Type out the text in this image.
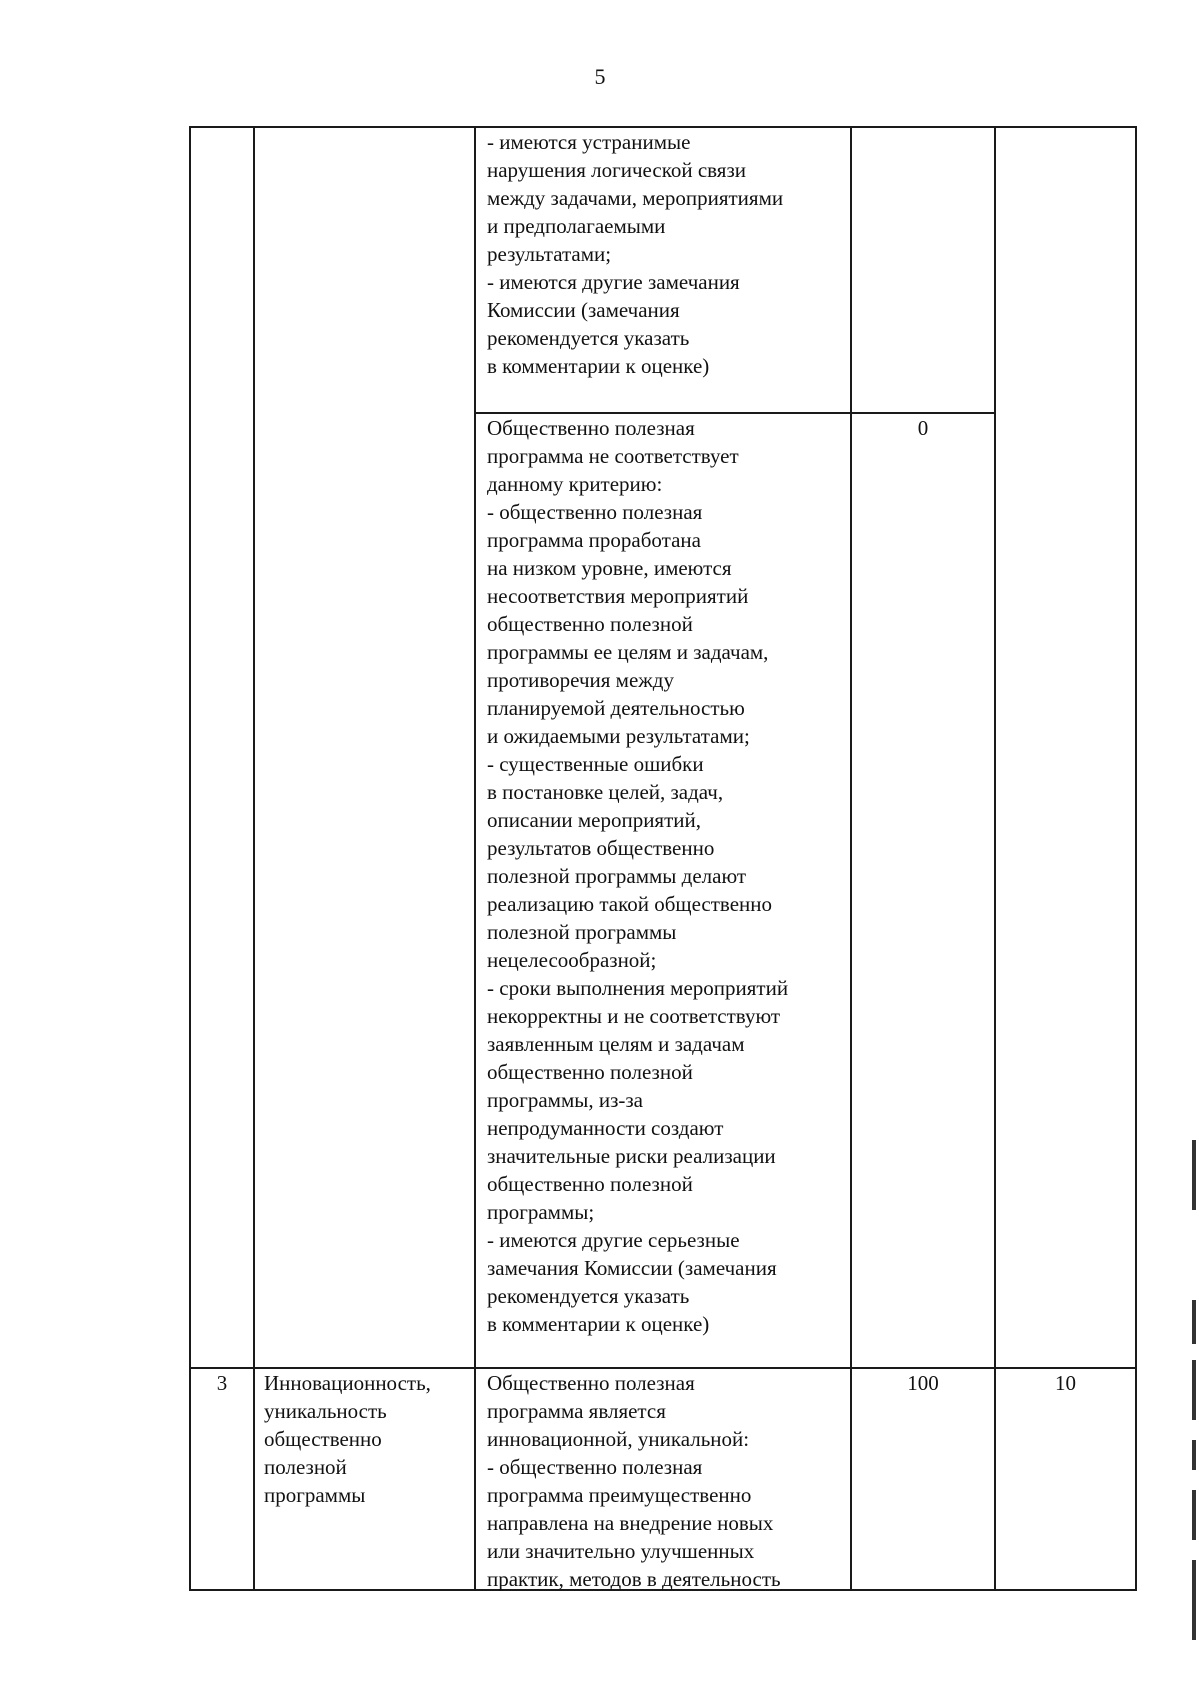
5
- имеются устранимые
нарушения логической связи
между задачами, мероприятиями
и предполагаемыми
результатами;
- имеются другие замечания
Комиссии (замечания
рекомендуется указать
в комментарии к оценке)
Общественно полезная
программа не соответствует
данному критерию:
- общественно полезная
программа проработана
на низком уровне, имеются
несоответствия мероприятий
общественно полезной
программы ее целям и задачам,
противоречия между
планируемой деятельностью
и ожидаемыми результатами;
- существенные ошибки
в постановке целей, задач,
описании мероприятий,
результатов общественно
полезной программы делают
реализацию такой общественно
полезной программы
нецелесообразной;
- сроки выполнения мероприятий
некорректны и не соответствуют
заявленным целям и задачам
общественно полезной
программы, из-за
непродуманности создают
значительные риски реализации
общественно полезной
программы;
- имеются другие серьезные
замечания Комиссии (замечания
рекомендуется указать
в комментарии к оценке)
0
3	Инновационность,
уникальность
общественно
полезной
программы
Общественно полезная
программа является
инновационной, уникальной:
- общественно полезная
программа преимущественно
направлена на внедрение новых
или значительно улучшенных
практик, методов в деятельность
100	10
